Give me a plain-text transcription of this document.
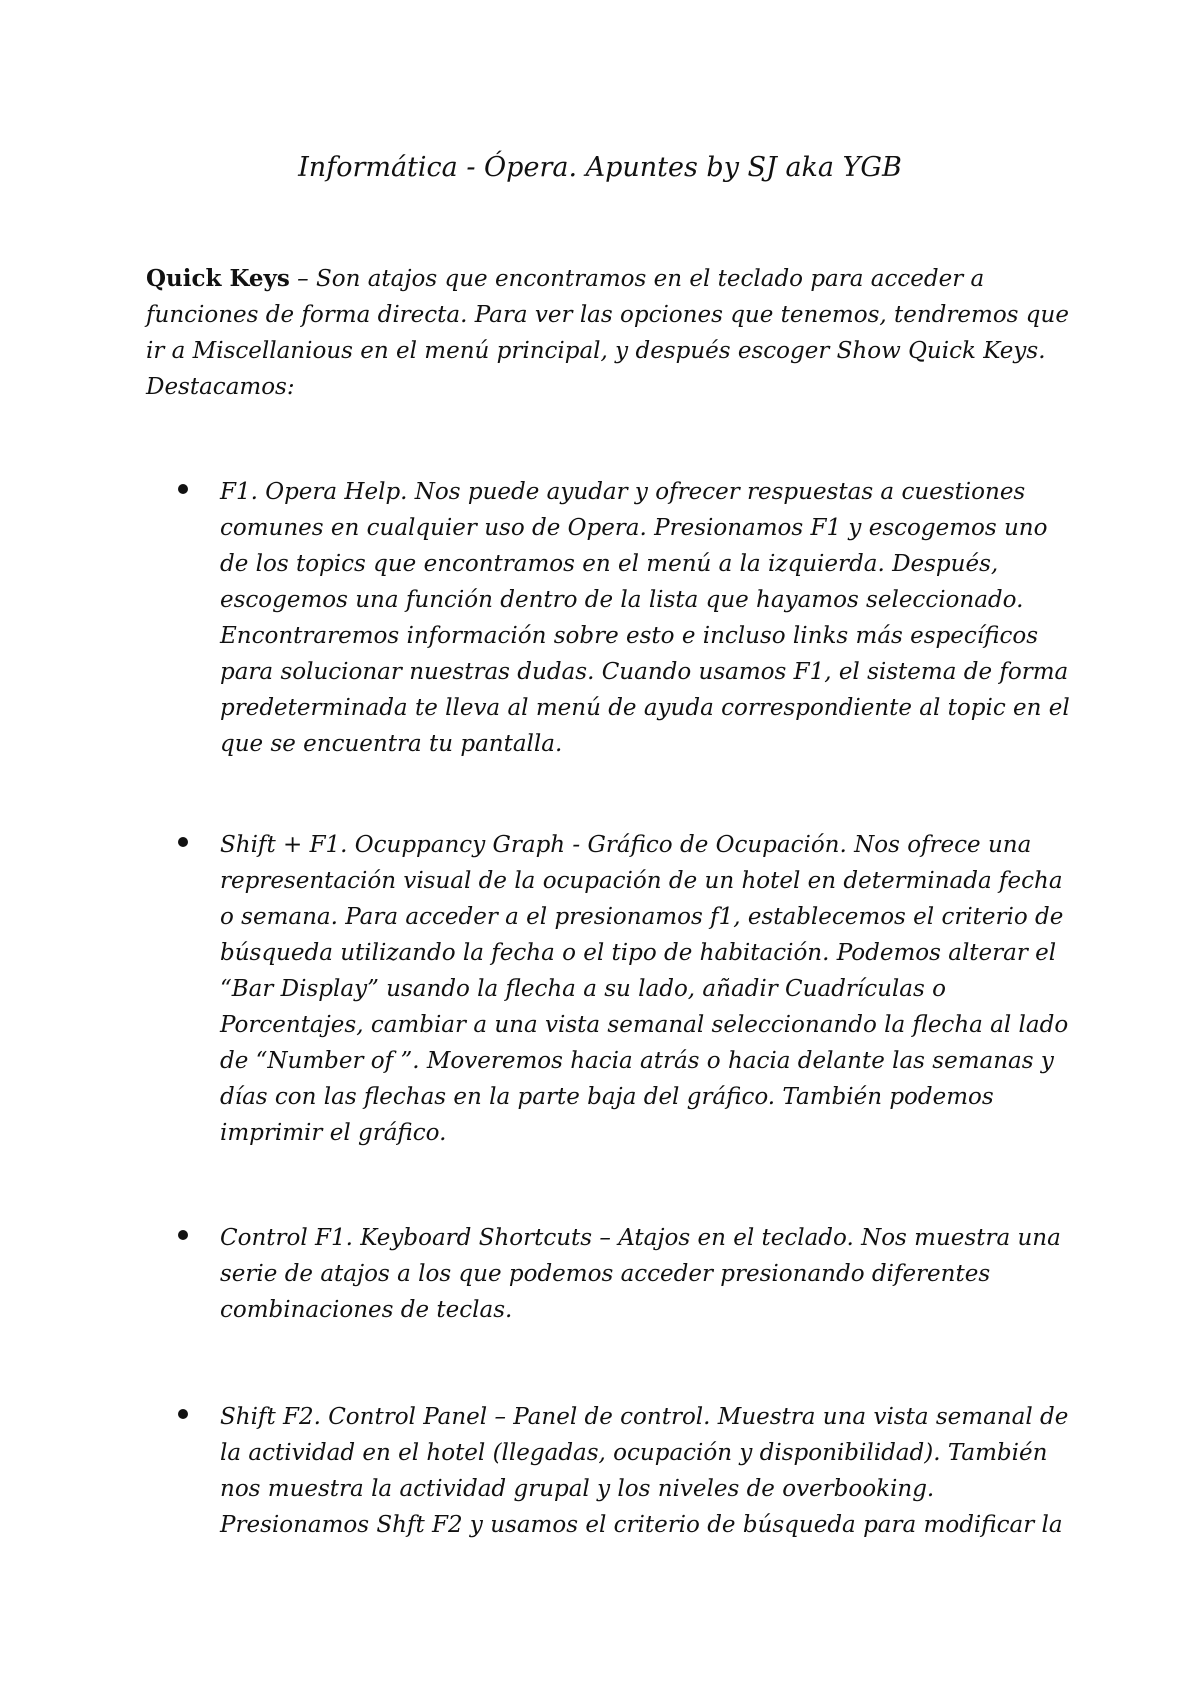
Informática - Ópera. Apuntes by SJ aka YGB

Quick Keys – Son atajos que encontramos en el teclado para acceder a funciones de forma directa. Para ver las opciones que tenemos, tendremos que ir a Miscellanious en el menú principal, y después escoger Show Quick Keys. Destacamos:

F1. Opera Help. Nos puede ayudar y ofrecer respuestas a cuestiones comunes en cualquier uso de Opera. Presionamos F1 y escogemos uno de los topics que encontramos en el menú a la izquierda. Después, escogemos una función dentro de la lista que hayamos seleccionado. Encontraremos información sobre esto e incluso links más específicos para solucionar nuestras dudas. Cuando usamos F1, el sistema de forma predeterminada te lleva al menú de ayuda correspondiente al topic en el que se encuentra tu pantalla.
Shift + F1. Ocuppancy Graph - Gráfico de Ocupación. Nos ofrece una representación visual de la ocupación de un hotel en determinada fecha o semana. Para acceder a el presionamos f1, establecemos el criterio de búsqueda utilizando la fecha o el tipo de habitación. Podemos alterar el “Bar Display” usando la flecha a su lado, añadir Cuadrículas o Porcentajes, cambiar a una vista semanal seleccionando la flecha al lado de “Number of ”. Moveremos hacia atrás o hacia delante las semanas y días con las flechas en la parte baja del gráfico. También podemos imprimir el gráfico.
Control F1. Keyboard Shortcuts – Atajos en el teclado. Nos muestra una serie de atajos a los que podemos acceder presionando diferentes combinaciones de teclas.
Shift F2. Control Panel – Panel de control. Muestra una vista semanal de la actividad en el hotel (llegadas, ocupación y disponibilidad). También nos muestra la actividad grupal y los niveles de overbooking. Presionamos Shft F2 y usamos el criterio de búsqueda para modificar la
